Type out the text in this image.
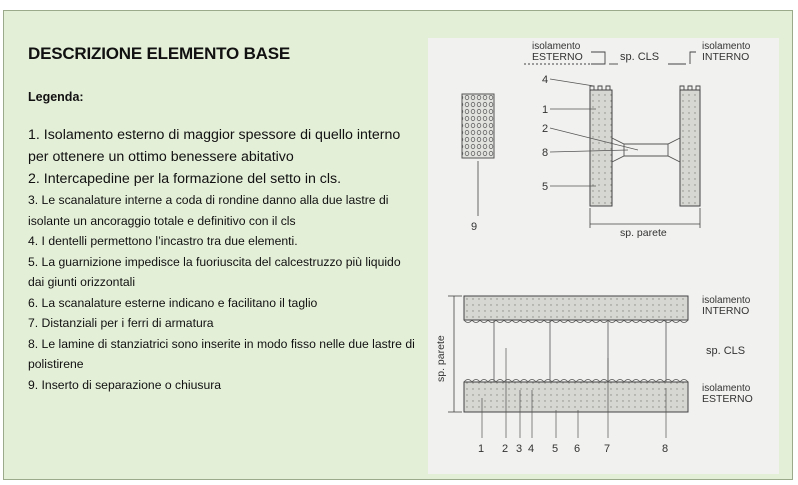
DESCRIZIONE ELEMENTO BASE
Legenda:

1. Isolamento esterno di maggior spessore di quello interno per ottenere un ottimo benessere abitativo

2. Intercapedine per la formazione del setto in cls.

3. Le scanalature interne a coda di rondine danno alla due lastre di isolante un ancoraggio totale e definitivo con il cls

4. I dentelli permettono l’incastro tra due elementi.

5. La guarnizione impedisce la fuoriuscita del calcestruzzo più liquido dai giunti orizzontali

6. La scanalature esterne indicano e facilitano il taglio

7. Distanziali per i ferri di armatura

8. Le lamine di stanziatrici sono inserite in modo fisso nelle due lastre di polistirene

9. Inserto di separazione o chiusura

isolamento
ESTERNO	sp. CLS
isolamento
INTERNO
9
4
1
2
8
5
sp. parete
1 2 3 4 5 6 7	8
sp. parete
isolamento
INTERNO
sp. CLS
isolamento
ESTERNO
